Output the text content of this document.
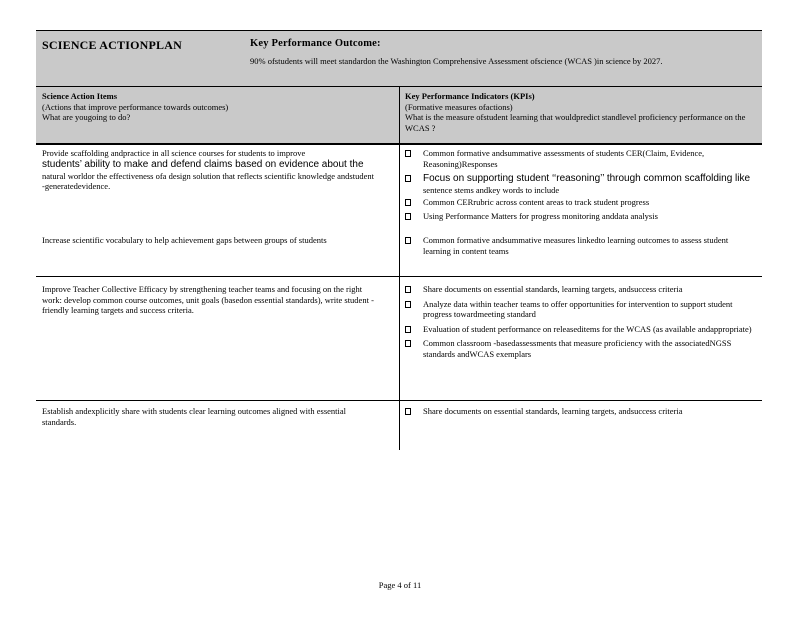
SCIENCE ACTIONPLAN	Key Performance Outcome:
90% ofstudents will meet standardon the Washington Comprehensive Assessment ofscience (WCAS )in science by 2027.
Science Action Items
(Actions that improve performance towards outcomes)
What are yougoing to do?
Key Performance Indicators (KPIs)
(Formative measures ofactions)
What is the measure ofstudent learning that wouldpredict standlevel proficiency performance on the WCAS ?
Provide scaffolding andpractice in all science courses for students to improve
students’ ability to make and defend claims based on evidence about the
natural worldor the effectiveness ofa design solution that reflects scientific knowledge andstudent -generatedevidence.
Increase scientific vocabulary to help achievement gaps between groups of students
Common formative andsummative assessments of students CER(Claim, Evidence, Reasoning)Responses
Focus on supporting student ‘‘reasoning’’ through common scaffolding like
sentence stems andkey words to include
Common CERrubric across content areas to track student progress
Using Performance Matters for progress monitoring anddata analysis
Common formative andsummative measures linkedto learning outcomes to assess student learning in content teams
Improve Teacher Collective Efficacy by strengthening teacher teams and focusing on the right work: develop common course outcomes, unit goals (basedon essential standards), write student -friendly learning targets and success criteria.
Share documents on essential standards, learning targets, andsuccess criteria
Analyze data within teacher teams to offer opportunities for intervention to support student progress towardmeeting standard
Evaluation of student performance on releaseditems for the WCAS (as available andappropriate)
Common classroom -basedassessments that measure proficiency with the associatedNGSS standards andWCAS exemplars
Establish andexplicitly share with students clear learning outcomes aligned with essential standards.
Share documents on essential standards, learning targets, andsuccess criteria
Page 4 of 11
